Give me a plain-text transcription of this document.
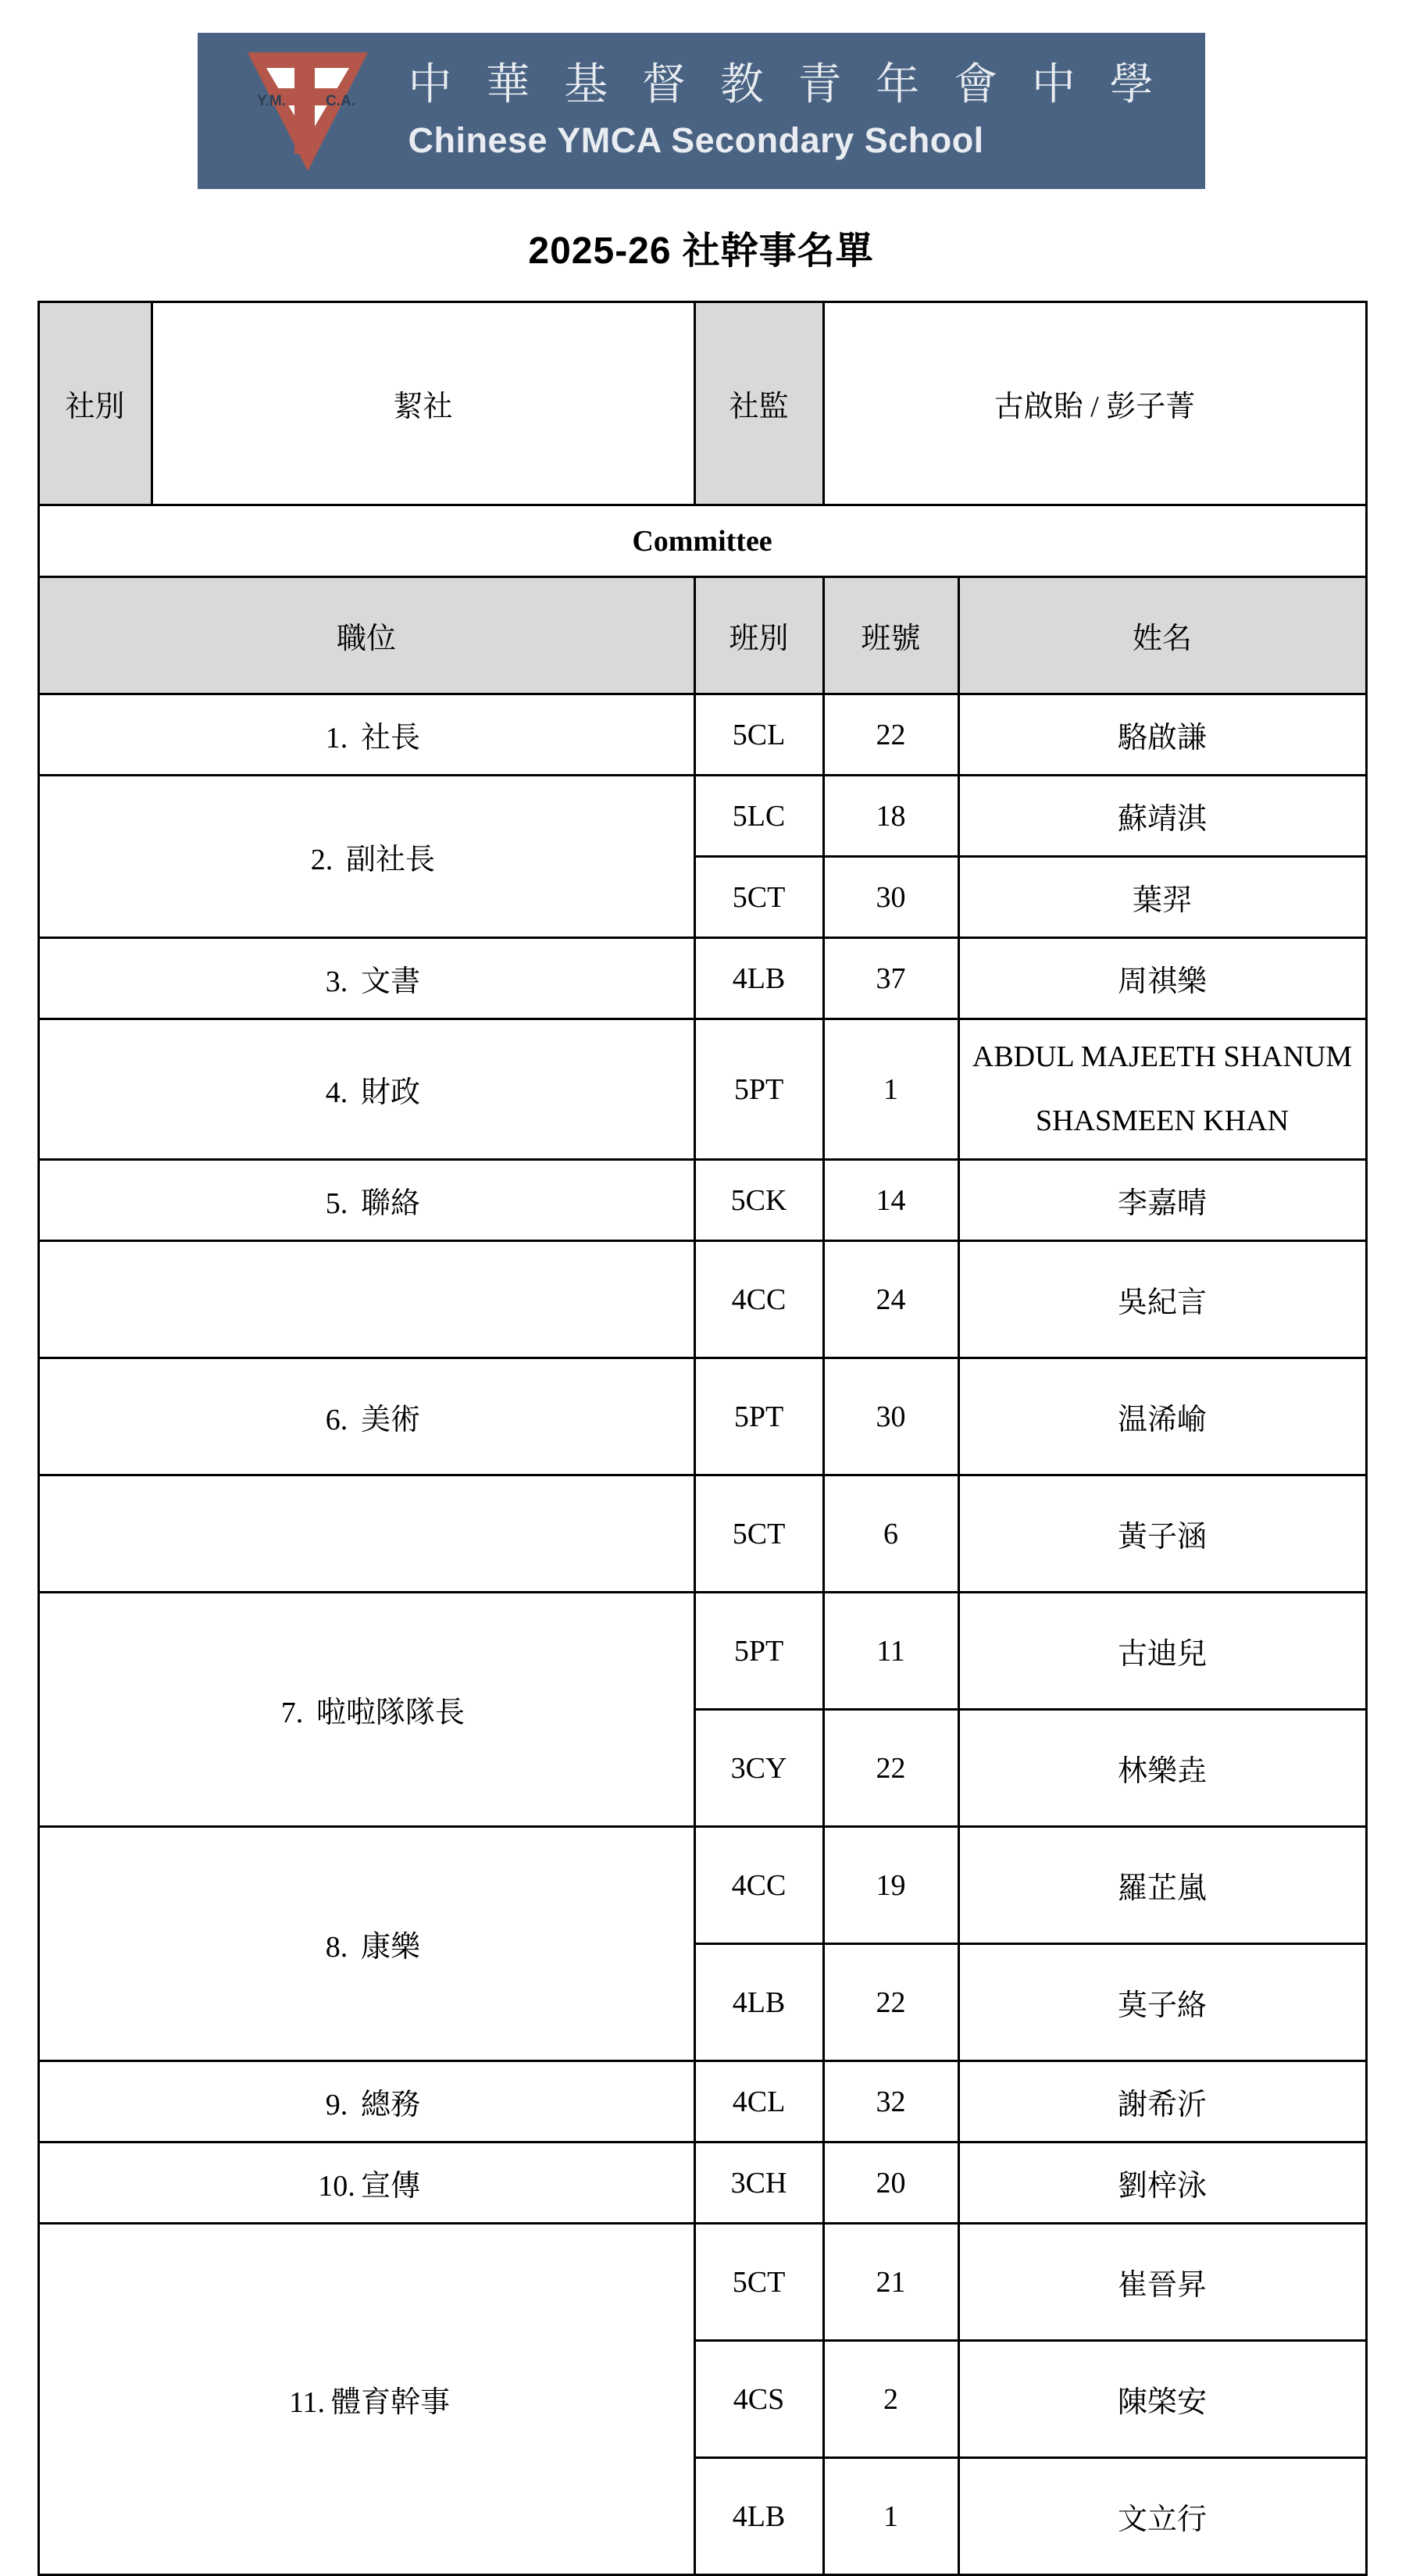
Y.M.	C.A. 中 華 基 督 教 青 年 會 中 學
Chinese YMCA Secondary School
2025-26 社幹事名單
社別	絜社	社監	古啟貽 / 彭子菁	
Committee				
職位		班別	班號	姓名
1. 社長		5CL	22	駱啟謙
2. 副社長		5LC	18	蘇靖淇
		5CT	30	葉羿
3. 文書		4LB	37	周祺樂
4. 財政		5PT	1	ABDUL MAJEETH SHANUM
SHASMEEN KHAN

5. 聯絡		5CK	14	李嘉晴
		4CC	24	吳紀言
6. 美術		5PT	30	温浠崳
		5CT	6	黃子涵
7. 啦啦隊隊長		5PT	11	古迪兒
		3CY	22	林樂垚
8. 康樂		4CC	19	羅芷嵐
		4LB	22	莫子絡
9. 總務		4CL	32	謝希沂
10. 宣傳		3CH	20	劉梓泳
11. 體育幹事		5CT	21	崔晉昇
		4CS	2	陳棨安
		4LB	1	文立行
